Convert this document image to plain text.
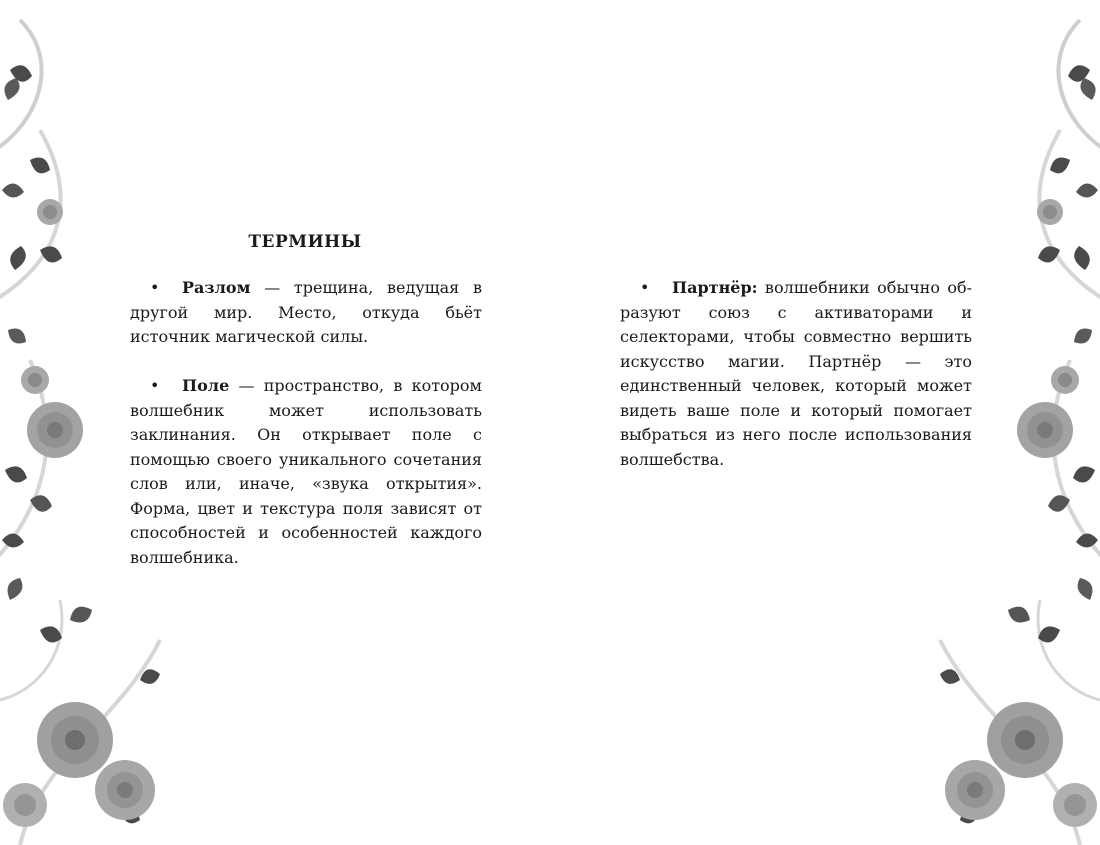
ТЕРМИНЫ

• Разлом — трещина, ведущая в другой мир. Место, откуда бьёт источник магической силы.

• Поле — пространство, в котором волшебник может использовать заклинания. Он открывает поле с помощью своего уникального сочетания слов или, иначе, «звука открытия». Форма, цвет и текстура поля зависят от способностей и особенностей каждого волшебника.

• Партнёр: волшебники обычно образуют союз с активаторами и селекторами, чтобы совместно вершить искусство магии. Партнёр — это единственный человек, который может видеть ваше поле и который помогает выбраться из него после использования волшебства.
